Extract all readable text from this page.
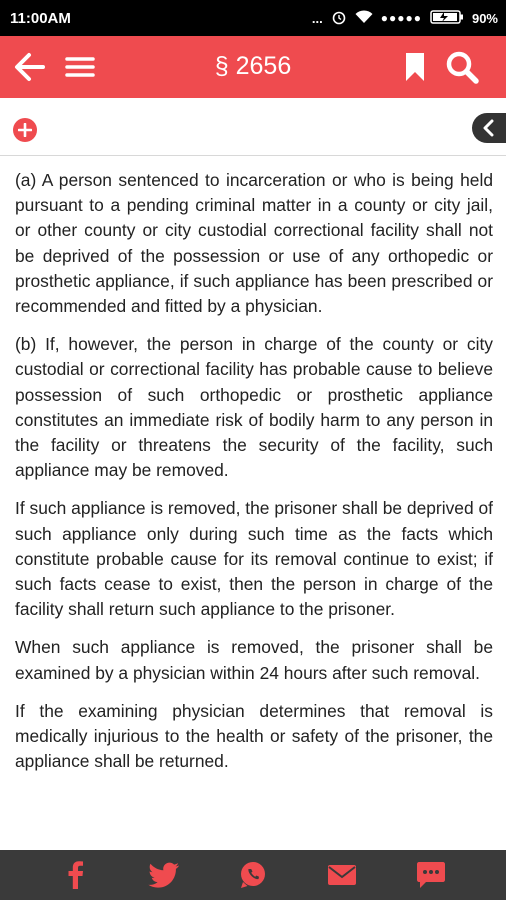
11:00AM	...	●●●●●	90%
§ 2656

(a) A person sentenced to incarceration or who is being held pursuant to a pending criminal matter in a county or city jail, or other county or city custodial correctional facility shall not be deprived of the possession or use of any orthopedic or prosthetic appliance, if such appliance has been prescribed or recommended and fitted by a physician.

(b) If, however, the person in charge of the county or city custodial or correctional facility has probable cause to believe possession of such orthopedic or prosthetic appliance constitutes an immediate risk of bodily harm to any person in the facility or threatens the security of the facility, such appliance may be removed.

If such appliance is removed, the prisoner shall be deprived of such appliance only during such time as the facts which constitute probable cause for its removal continue to exist; if such facts cease to exist, then the person in charge of the facility shall return such appliance to the prisoner.

When such appliance is removed, the prisoner shall be examined by a physician within 24 hours after such removal.

If the examining physician determines that removal is medically injurious to the health or safety of the prisoner, the appliance shall be returned.
